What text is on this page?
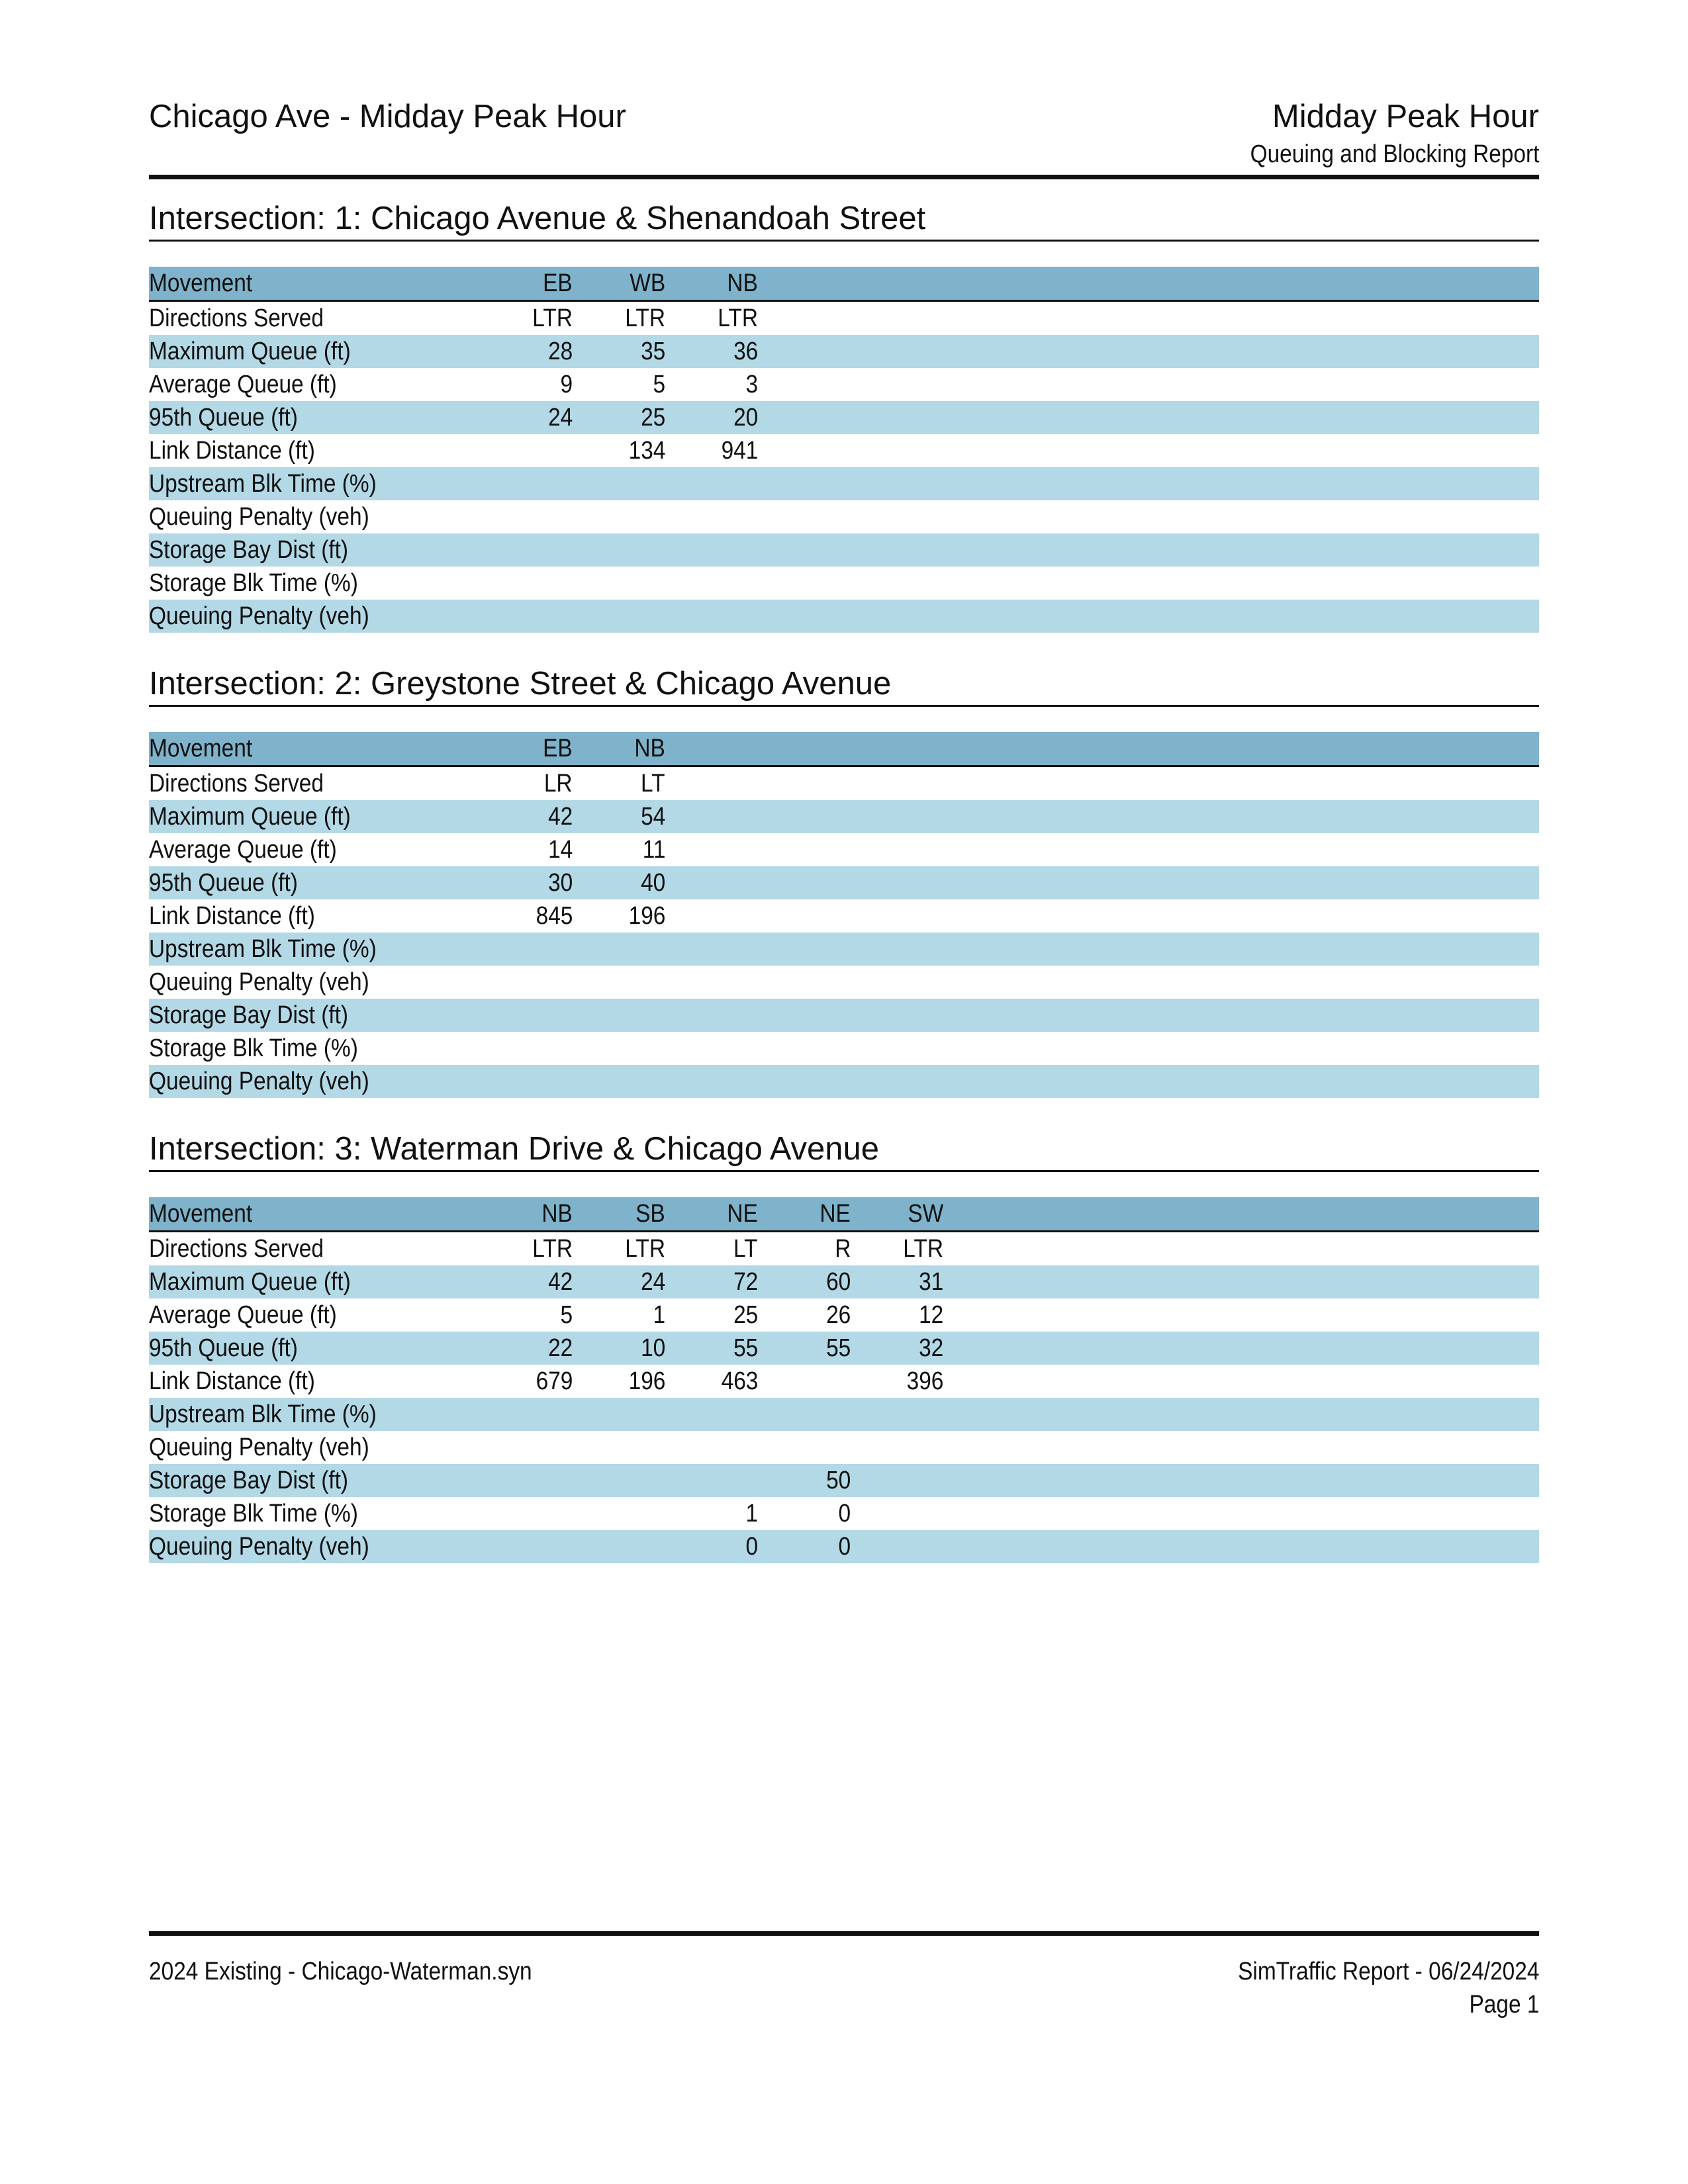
Chicago Ave - Midday Peak Hour	Midday Peak Hour
Queuing and Blocking Report
Intersection: 1: Chicago Avenue & Shenandoah Street
Movement	EB	WB	NB	
Directions Served	LTR	LTR	LTR	
Maximum Queue (ft)	28	35	36	
Average Queue (ft)	9	5	3	
95th Queue (ft)	24	25	20	
Link Distance (ft)		134	941	
Upstream Blk Time (%)				
Queuing Penalty (veh)				
Storage Bay Dist (ft)				
Storage Blk Time (%)				
Queuing Penalty (veh)				
Intersection: 2: Greystone Street & Chicago Avenue
Movement	EB	NB	
Directions Served	LR	LT	
Maximum Queue (ft)	42	54	
Average Queue (ft)	14	11	
95th Queue (ft)	30	40	
Link Distance (ft)	845	196	
Upstream Blk Time (%)			
Queuing Penalty (veh)			
Storage Bay Dist (ft)			
Storage Blk Time (%)			
Queuing Penalty (veh)			
Intersection: 3: Waterman Drive & Chicago Avenue
Movement	NB	SB	NE	NE	SW	
Directions Served	LTR	LTR	LT	R	LTR	
Maximum Queue (ft)	42	24	72	60	31	
Average Queue (ft)	5	1	25	26	12	
95th Queue (ft)	22	10	55	55	32	
Link Distance (ft)	679	196	463		396	
Upstream Blk Time (%)						
Queuing Penalty (veh)						
Storage Bay Dist (ft)				50		
Storage Blk Time (%)			1	0		
Queuing Penalty (veh)			0	0		
2024 Existing - Chicago-Waterman.syn	SimTraffic Report - 06/24/2024
Page 1
